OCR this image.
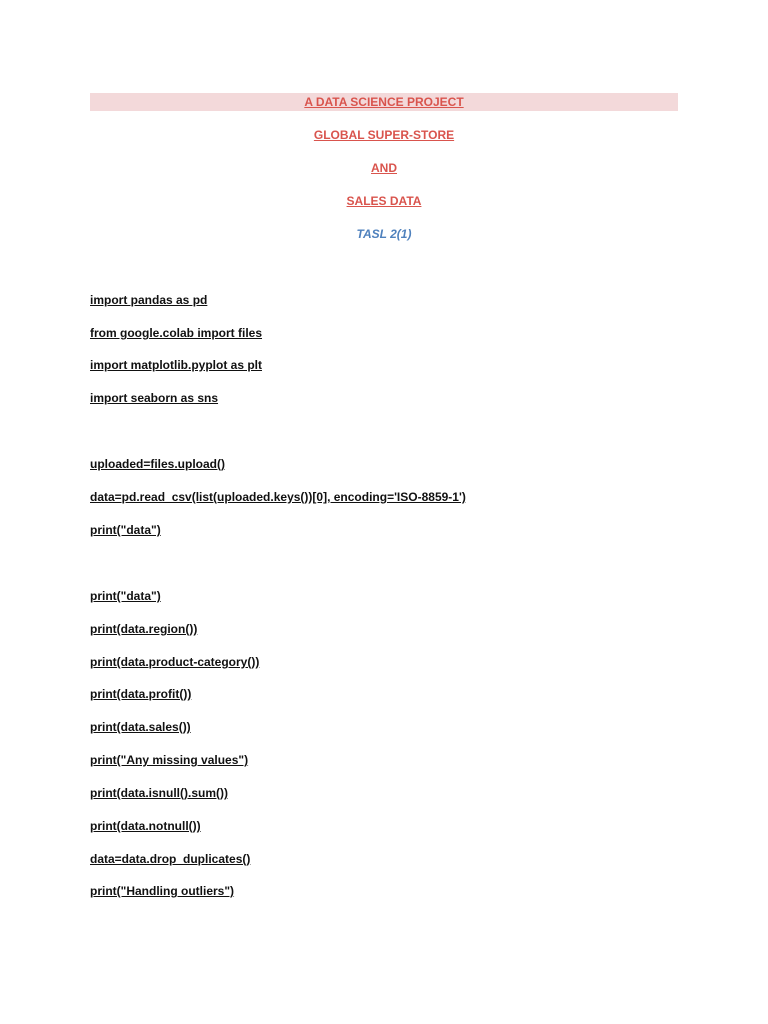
A DATA SCIENCE PROJECT
GLOBAL SUPER-STORE
AND
SALES DATA
TASL 2(1)
import pandas as pd
from google.colab import files
import matplotlib.pyplot as plt
import seaborn as sns
uploaded=files.upload()
data=pd.read_csv(list(uploaded.keys())[0], encoding='ISO-8859-1')
print("data")
print("data")
print(data.region())
print(data.product-category())
print(data.profit())
print(data.sales())
print("Any missing values")
print(data.isnull().sum())
print(data.notnull())
data=data.drop_duplicates()
print("Handling outliers")
